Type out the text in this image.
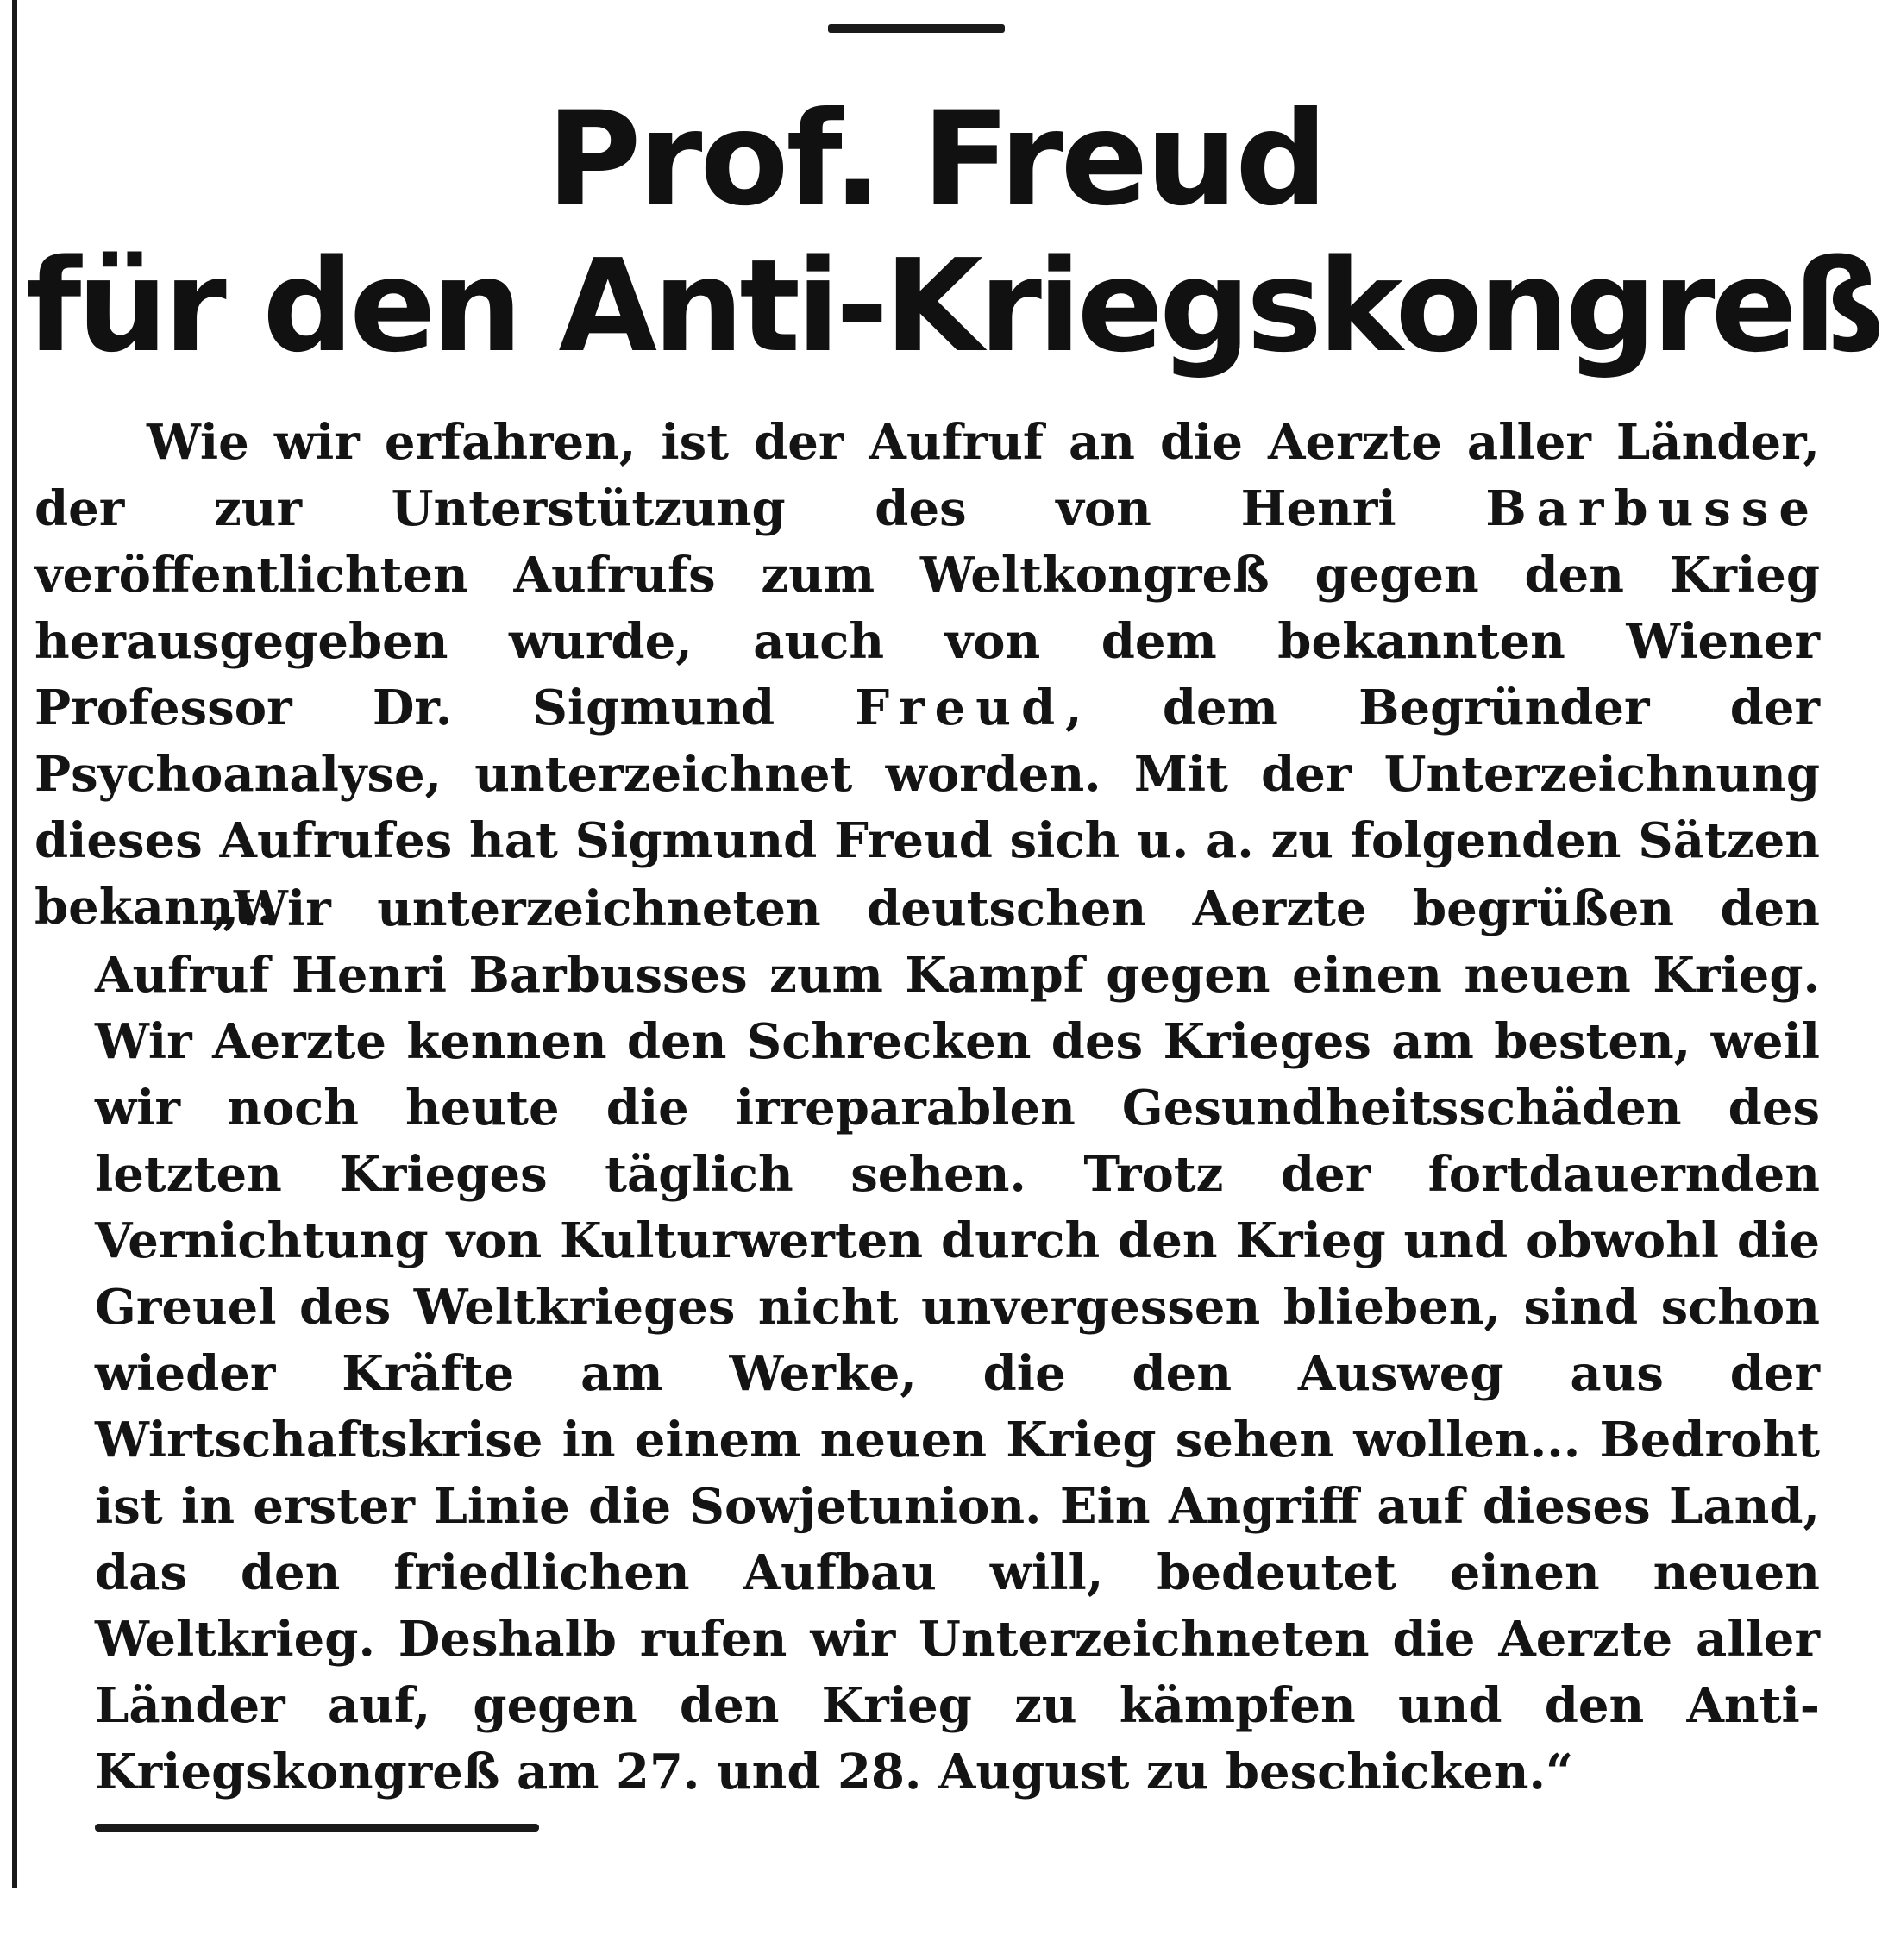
Prof. Freud
für den Anti-Kriegskongreß

Wie wir erfahren, ist der Aufruf an die Aerzte aller Länder, der zur Unterstützung des von Henri Barbusse veröffentlichten Aufrufs zum Weltkongreß gegen den Krieg herausgegeben wurde, auch von dem bekannten Wiener Professor Dr. Sigmund Freud, dem Begründer der Psychoanalyse, unterzeichnet worden. Mit der Unterzeichnung dieses Aufrufes hat Sigmund Freud sich u. a. zu folgenden Sätzen bekannt:

„Wir unterzeichneten deutschen Aerzte begrüßen den Aufruf Henri Barbusses zum Kampf gegen einen neuen Krieg. Wir Aerzte kennen den Schrecken des Krieges am besten, weil wir noch heute die irreparablen Gesundheitsschäden des letzten Krieges täglich sehen. Trotz der fortdauernden Vernichtung von Kulturwerten durch den Krieg und obwohl die Greuel des Weltkrieges nicht unvergessen blieben, sind schon wieder Kräfte am Werke, die den Ausweg aus der Wirtschaftskrise in einem neuen Krieg sehen wollen... Bedroht ist in erster Linie die Sowjetunion. Ein Angriff auf dieses Land, das den friedlichen Aufbau will, bedeutet einen neuen Weltkrieg. Deshalb rufen wir Unterzeichneten die Aerzte aller Länder auf, gegen den Krieg zu kämpfen und den Anti-Kriegskongreß am 27. und 28. August zu beschicken.“
